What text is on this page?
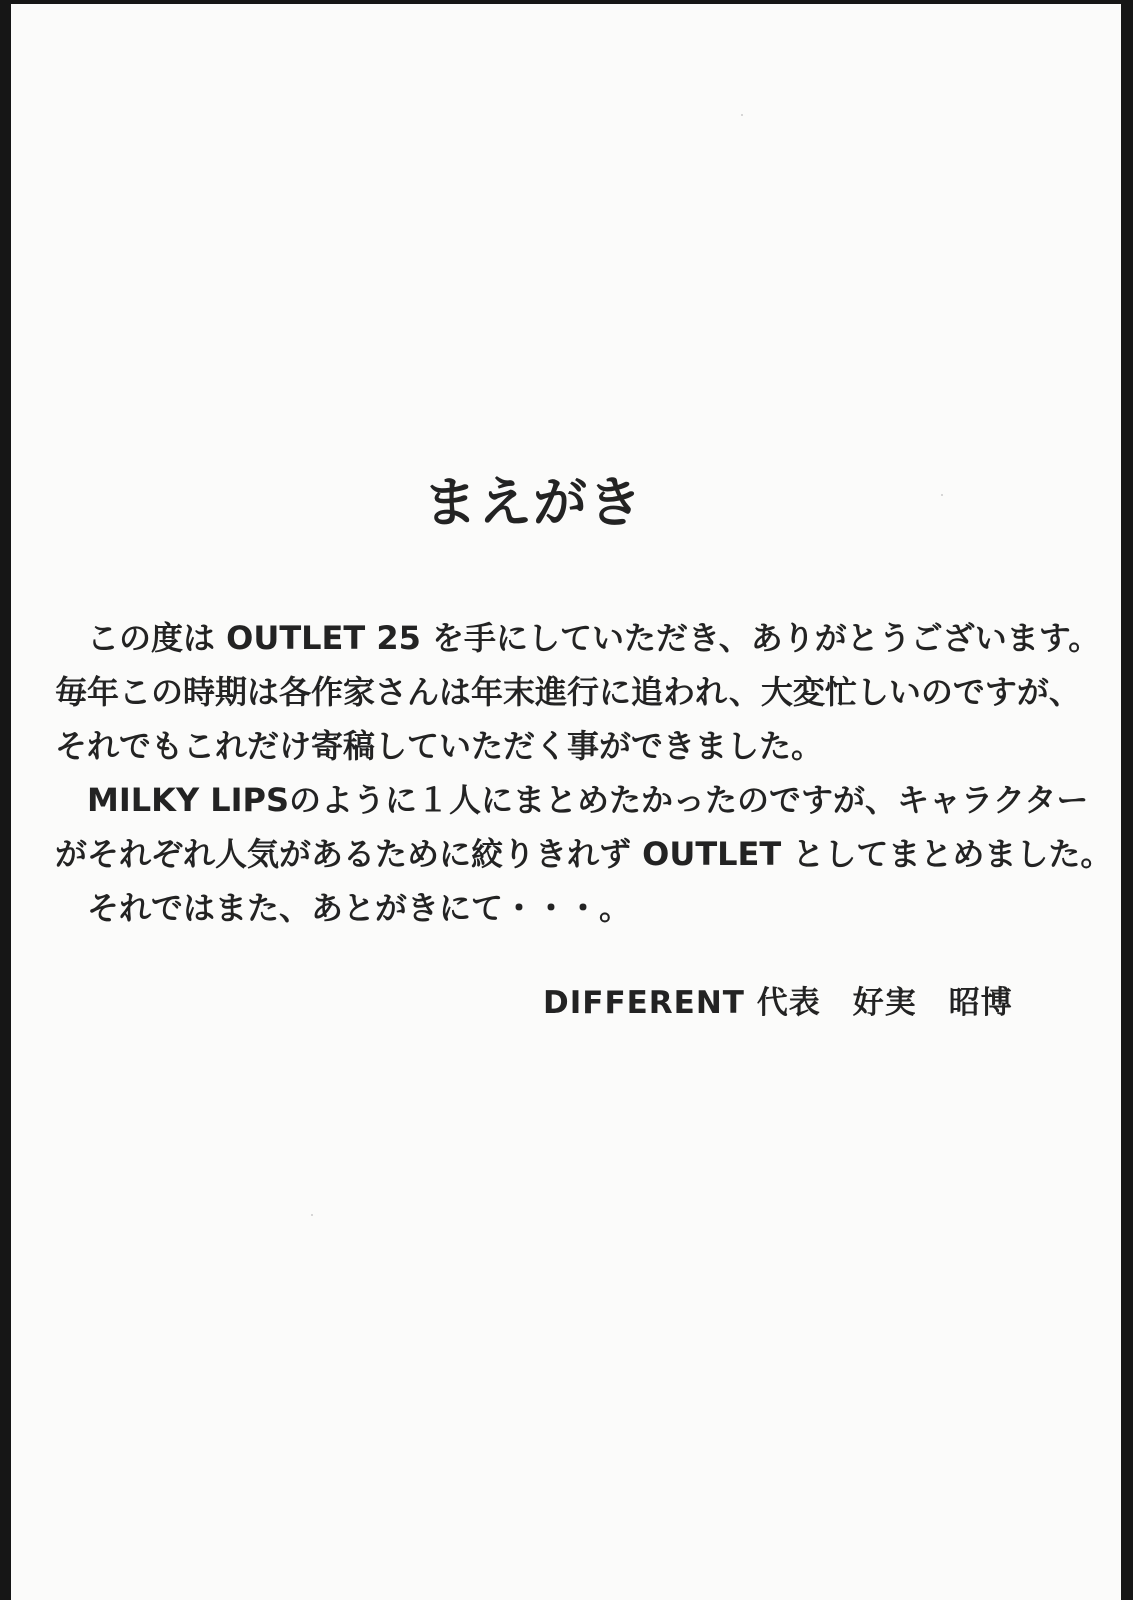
まえがき
　この度は OUTLET 25 を手にしていただき、ありがとうございます。
毎年この時期は各作家さんは年末進行に追われ、大変忙しいのですが、
それでもこれだけ寄稿していただく事ができました。
　MILKY LIPSのように１人にまとめたかったのですが、キャラクター
がそれぞれ人気があるために絞りきれず OUTLET としてまとめました。
　それではまた、あとがきにて・・・。
DIFFERENT 代表　好実　昭博
